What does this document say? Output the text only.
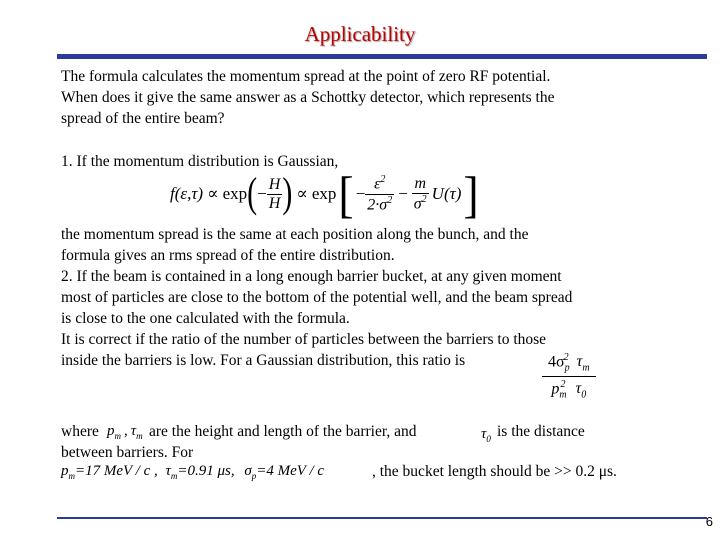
Applicability
The formula calculates the momentum spread at the point of zero RF potential.
When does it give the same answer as a Schottky detector, which represents the
spread of the entire beam?
1. If the momentum distribution is Gaussian,
f(ε,τ) ∝ exp ( − $\frac{H}{H}$ ) ∝ exp [ − $\frac{\varepsilon^2}{2\cdot\sigma^2} - \frac{m}{\sigma^2} U(\tau)$ ]
the momentum spread is the same at each position along the bunch, and the
formula gives an rms spread of the entire distribution.
2. If the beam is contained in a long enough barrier bucket, at any given moment
most of particles are close to the bottom of the potential well, and the beam spread
is close to the one calculated with the formula.
It is correct if the ratio of the number of particles between the barriers to those
inside the barriers is low. For a Gaussian distribution, this ratio is	$\frac{4\sigma_p^2 \tau_m}{p_m^2 \tau_0}$
where $p_m$ , $\tau_m$ are the height and length of the barrier, and	$\tau_0$ is the distance
between barriers. For
$p_m=17$ MeV / c , $\tau_m=0.91$ μs, $\sigma_p=4$ MeV / c	, the bucket length should be >> 0.2 μs.
6
